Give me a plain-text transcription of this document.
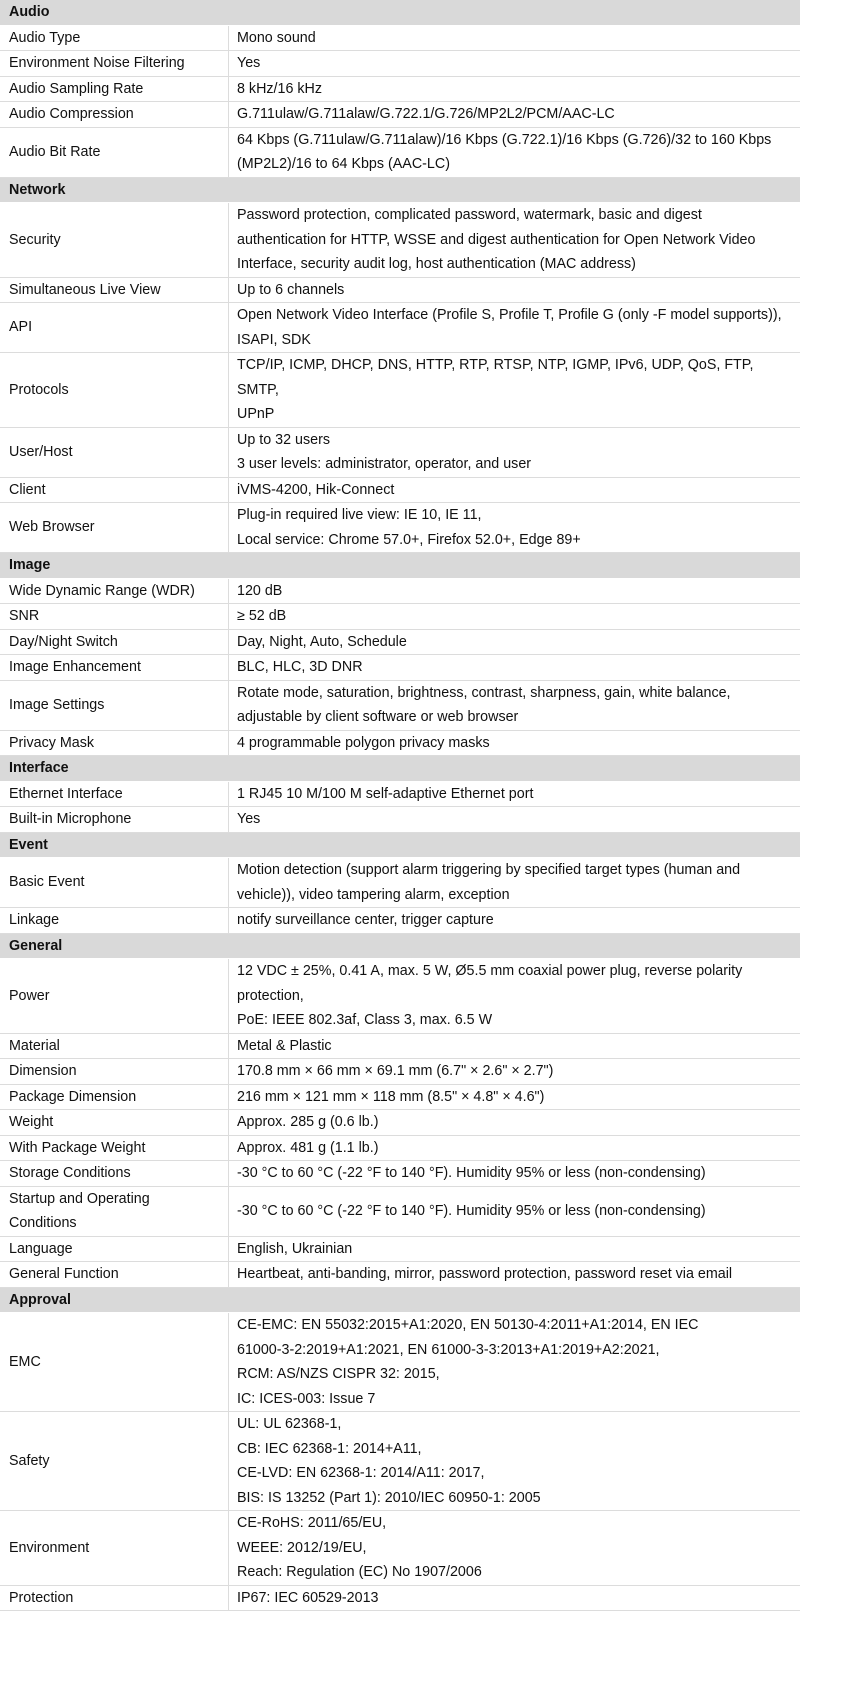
Audio	
Audio Type	Mono sound

Environment Noise Filtering	Yes

Audio Sampling Rate	8 kHz/16 kHz

Audio Compression	G.711ulaw/G.711alaw/G.722.1/G.726/MP2L2/PCM/AAC-LC

Audio Bit Rate	64 Kbps (G.711ulaw/G.711alaw)/16 Kbps (G.722.1)/16 Kbps (G.726)/32 to 160 Kbps
(MP2L2)/16 to 64 Kbps (AAC-LC)

Network	
Security	Password protection, complicated password, watermark, basic and digest
authentication for HTTP, WSSE and digest authentication for Open Network Video
Interface, security audit log, host authentication (MAC address)

Simultaneous Live View	Up to 6 channels

API	Open Network Video Interface (Profile S, Profile T, Profile G (only -F model supports)),
ISAPI, SDK

Protocols	TCP/IP, ICMP, DHCP, DNS, HTTP, RTP, RTSP, NTP, IGMP, IPv6, UDP, QoS, FTP, SMTP,
UPnP

User/Host	Up to 32 users
3 user levels: administrator, operator, and user

Client	iVMS-4200, Hik-Connect

Web Browser	Plug-in required live view: IE 10, IE 11,
Local service: Chrome 57.0+, Firefox 52.0+, Edge 89+

Image	
Wide Dynamic Range (WDR)	120 dB

SNR	≥ 52 dB

Day/Night Switch	Day, Night, Auto, Schedule

Image Enhancement	BLC, HLC, 3D DNR

Image Settings	Rotate mode, saturation, brightness, contrast, sharpness, gain, white balance,
adjustable by client software or web browser

Privacy Mask	4 programmable polygon privacy masks

Interface	
Ethernet Interface	1 RJ45 10 M/100 M self-adaptive Ethernet port

Built-in Microphone	Yes

Event	
Basic Event	Motion detection (support alarm triggering by specified target types (human and
vehicle)), video tampering alarm, exception

Linkage	notify surveillance center, trigger capture

General	
Power	12 VDC ± 25%, 0.41 A, max. 5 W, Ø5.5 mm coaxial power plug, reverse polarity
protection,
PoE: IEEE 802.3af, Class 3, max. 6.5 W

Material	Metal & Plastic

Dimension	170.8 mm × 66 mm × 69.1 mm (6.7" × 2.6" × 2.7")

Package Dimension	216 mm × 121 mm × 118 mm (8.5" × 4.8" × 4.6")

Weight	Approx. 285 g (0.6 lb.)

With Package Weight	Approx. 481 g (1.1 lb.)

Storage Conditions	-30 °C to 60 °C (-22 °F to 140 °F). Humidity 95% or less (non-condensing)

Startup and Operating
Conditions	-30 °C to 60 °C (-22 °F to 140 °F). Humidity 95% or less (non-condensing)

Language	English, Ukrainian

General Function	Heartbeat, anti-banding, mirror, password protection, password reset via email

Approval	
EMC	CE-EMC: EN 55032:2015+A1:2020, EN 50130-4:2011+A1:2014, EN IEC
61000-3-2:2019+A1:2021, EN 61000-3-3:2013+A1:2019+A2:2021,
RCM: AS/NZS CISPR 32: 2015,
IC: ICES-003: Issue 7

Safety	UL: UL 62368-1,
CB: IEC 62368-1: 2014+A11,
CE-LVD: EN 62368-1: 2014/A11: 2017,
BIS: IS 13252 (Part 1): 2010/IEC 60950-1: 2005

Environment	CE-RoHS: 2011/65/EU,
WEEE: 2012/19/EU,
Reach: Regulation (EC) No 1907/2006

Protection	IP67: IEC 60529-2013
